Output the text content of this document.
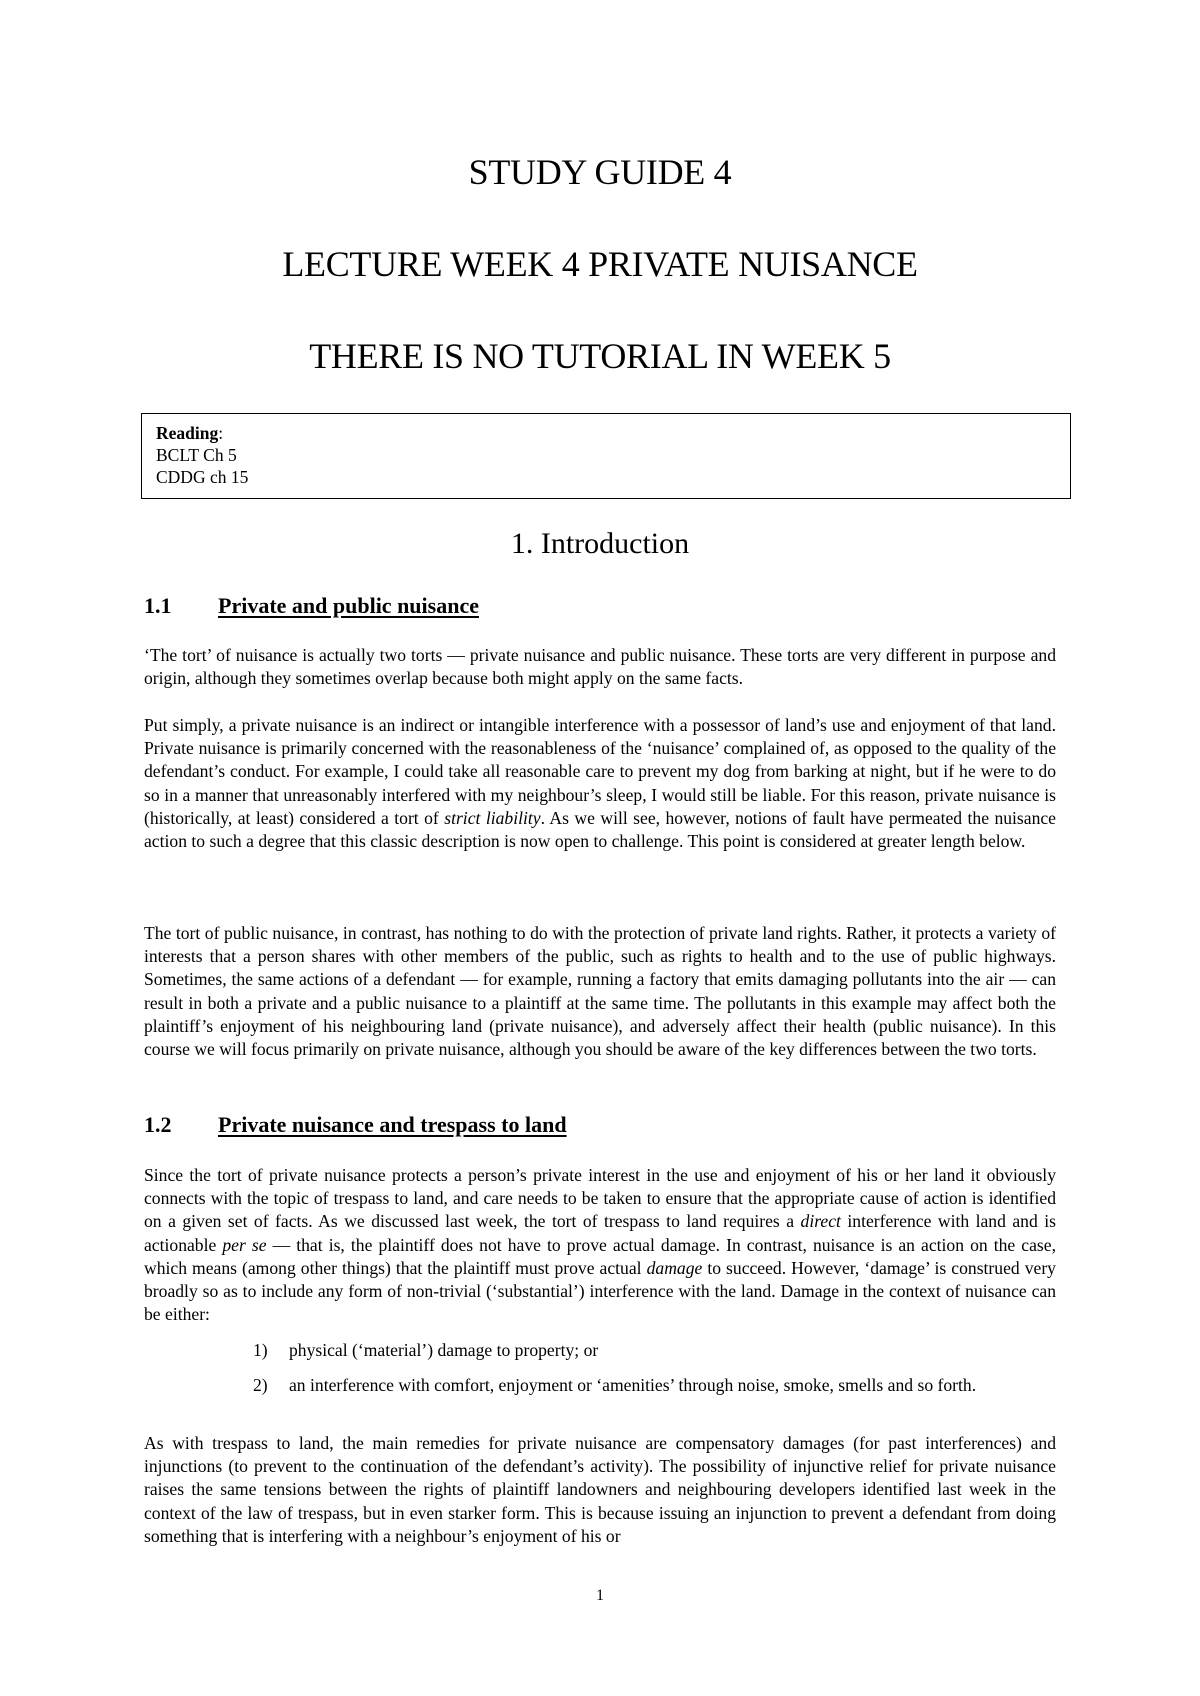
STUDY GUIDE 4
LECTURE WEEK 4 PRIVATE NUISANCE
THERE IS NO TUTORIAL IN WEEK 5
Reading:
BCLT Ch 5
CDDG ch 15
1. Introduction
1.1 Private and public nuisance

‘The tort’ of nuisance is actually two torts — private nuisance and public nuisance. These torts are very different in purpose and origin, although they sometimes overlap because both might apply on the same facts.

Put simply, a private nuisance is an indirect or intangible interference with a possessor of land’s use and enjoyment of that land. Private nuisance is primarily concerned with the reasonableness of the ‘nuisance’ complained of, as opposed to the quality of the defendant’s conduct. For example, I could take all reasonable care to prevent my dog from barking at night, but if he were to do so in a manner that unreasonably interfered with my neighbour’s sleep, I would still be liable. For this reason, private nuisance is (historically, at least) considered a tort of strict liability. As we will see, however, notions of fault have permeated the nuisance action to such a degree that this classic description is now open to challenge. This point is considered at greater length below.

The tort of public nuisance, in contrast, has nothing to do with the protection of private land rights. Rather, it protects a variety of interests that a person shares with other members of the public, such as rights to health and to the use of public highways. Sometimes, the same actions of a defendant — for example, running a factory that emits damaging pollutants into the air — can result in both a private and a public nuisance to a plaintiff at the same time. The pollutants in this example may affect both the plaintiff’s enjoyment of his neighbouring land (private nuisance), and adversely affect their health (public nuisance). In this course we will focus primarily on private nuisance, although you should be aware of the key differences between the two torts.

1.2 Private nuisance and trespass to land

Since the tort of private nuisance protects a person’s private interest in the use and enjoyment of his or her land it obviously connects with the topic of trespass to land, and care needs to be taken to ensure that the appropriate cause of action is identified on a given set of facts. As we discussed last week, the tort of trespass to land requires a direct interference with land and is actionable per se — that is, the plaintiff does not have to prove actual damage. In contrast, nuisance is an action on the case, which means (among other things) that the plaintiff must prove actual damage to succeed. However, ‘damage’ is construed very broadly so as to include any form of non-trivial (‘substantial’) interference with the land. Damage in the context of nuisance can be either:

1)	physical (‘material’) damage to property; or
2)	an interference with comfort, enjoyment or ‘amenities’ through noise, smoke, smells and so forth.

As with trespass to land, the main remedies for private nuisance are compensatory damages (for past interferences) and injunctions (to prevent to the continuation of the defendant’s activity). The possibility of injunctive relief for private nuisance raises the same tensions between the rights of plaintiff landowners and neighbouring developers identified last week in the context of the law of trespass, but in even starker form. This is because issuing an injunction to prevent a defendant from doing something that is interfering with a neighbour’s enjoyment of his or

1
